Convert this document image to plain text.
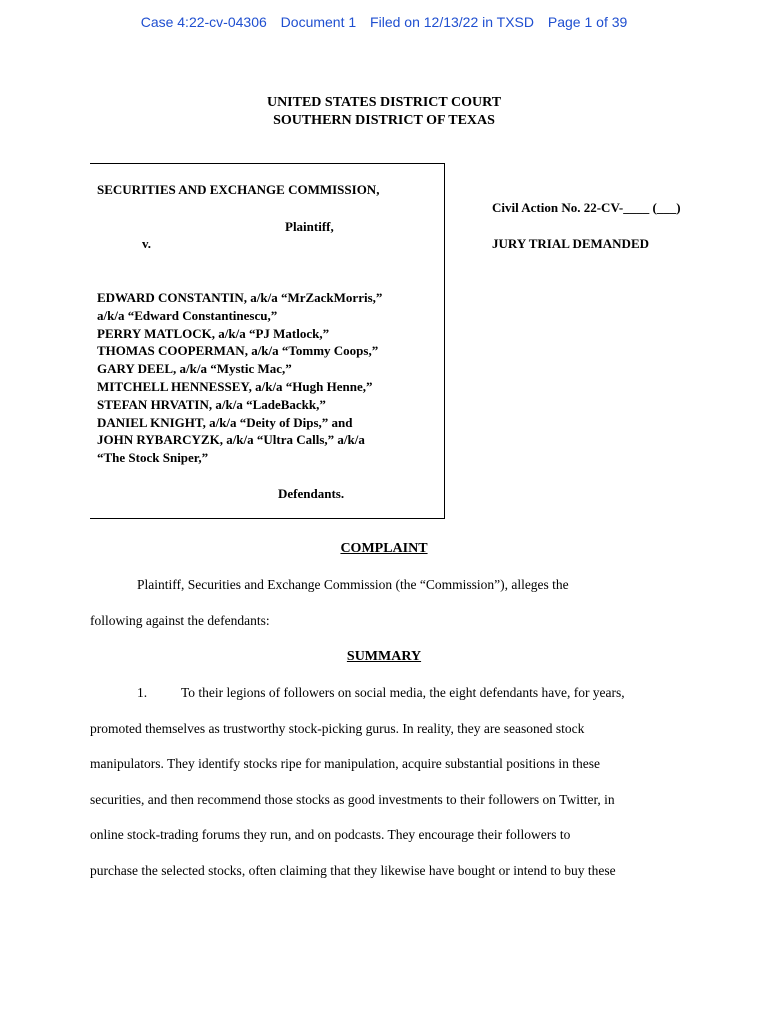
Case 4:22-cv-04306 Document 1 Filed on 12/13/22 in TXSD Page 1 of 39
UNITED STATES DISTRICT COURT
SOUTHERN DISTRICT OF TEXAS
SECURITIES AND EXCHANGE COMMISSION,
Plaintiff,
v.
EDWARD CONSTANTIN, a/k/a “MrZackMorris,”
a/k/a “Edward Constantinescu,”
PERRY MATLOCK, a/k/a “PJ Matlock,”
THOMAS COOPERMAN, a/k/a “Tommy Coops,”
GARY DEEL, a/k/a “Mystic Mac,”
MITCHELL HENNESSEY, a/k/a “Hugh Henne,”
STEFAN HRVATIN, a/k/a “LadeBackk,”
DANIEL KNIGHT, a/k/a “Deity of Dips,” and
JOHN RYBARCYZK, a/k/a “Ultra Calls,” a/k/a
“The Stock Sniper,”
Defendants.
Civil Action No. 22-CV-____ (___)
JURY TRIAL DEMANDED
COMPLAINT
Plaintiff, Securities and Exchange Commission (the “Commission”), alleges the
following against the defendants:
SUMMARY
1.	To their legions of followers on social media, the eight defendants have, for years,
promoted themselves as trustworthy stock-picking gurus. In reality, they are seasoned stock
manipulators. They identify stocks ripe for manipulation, acquire substantial positions in these
securities, and then recommend those stocks as good investments to their followers on Twitter, in
online stock-trading forums they run, and on podcasts. They encourage their followers to
purchase the selected stocks, often claiming that they likewise have bought or intend to buy these
